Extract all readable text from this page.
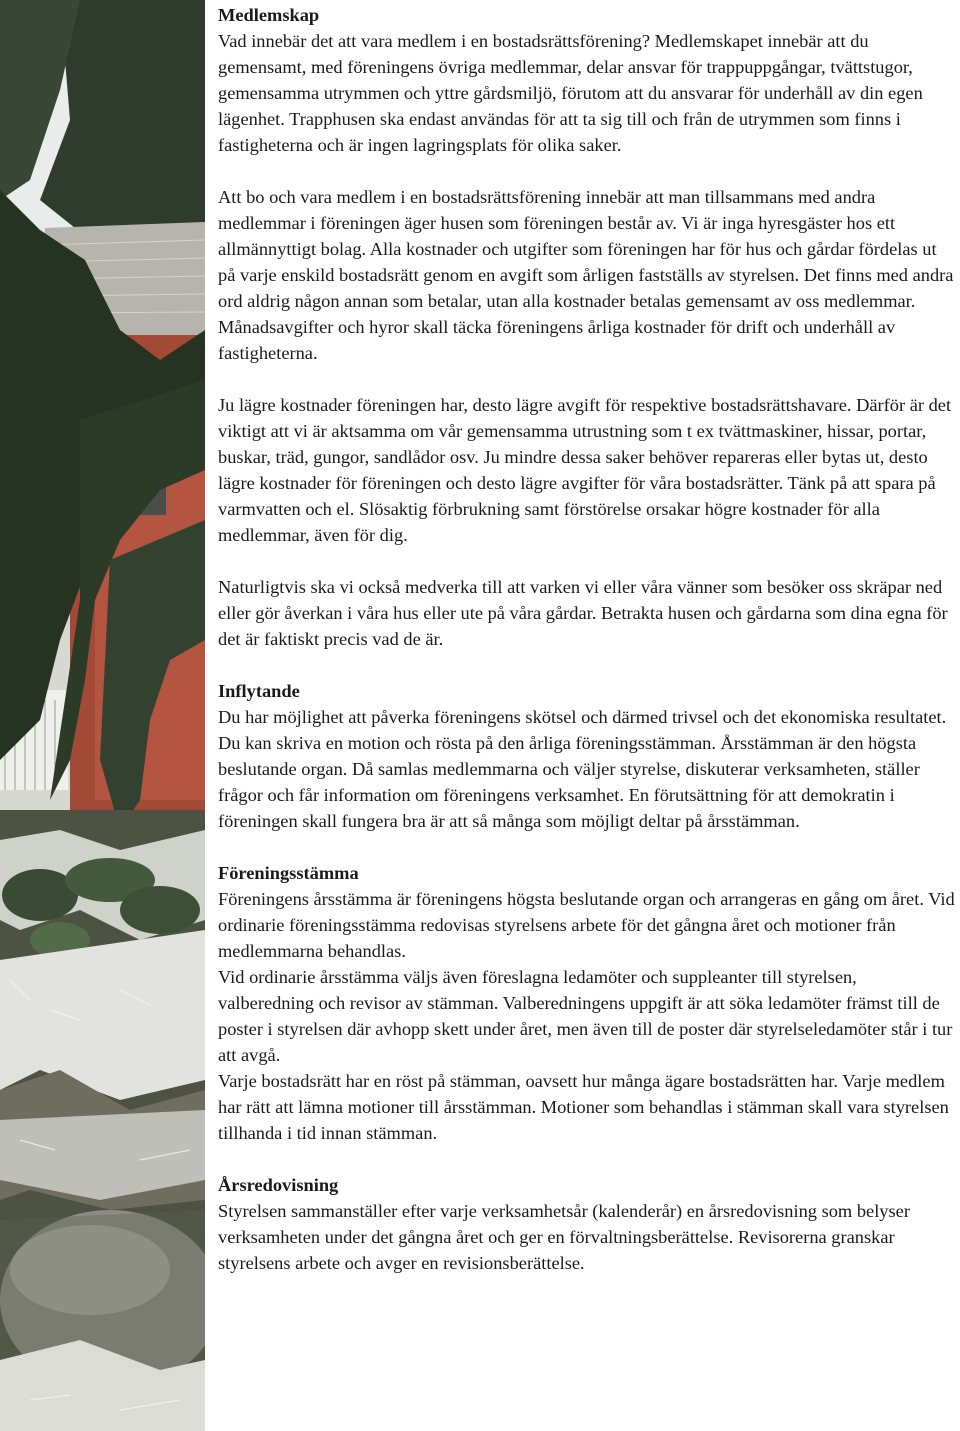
Medlemskap

Vad innebär det att vara medlem i en bostadsrättsförening? Medlemskapet innebär att du gemensamt, med föreningens övriga medlemmar, delar ansvar för trappuppgångar, tvättstugor, gemensamma utrymmen och yttre gårdsmiljö, förutom att du ansvarar för underhåll av din egen lägenhet. Trapphusen ska endast användas för att ta sig till och från de utrymmen som finns i fastigheterna och är ingen lagringsplats för olika saker.

Att bo och vara medlem i en bostadsrättsförening innebär att man tillsammans med andra medlemmar i föreningen äger husen som föreningen består av. Vi är inga hyresgäster hos ett allmännyttigt bolag. Alla kostnader och utgifter som föreningen har för hus och gårdar fördelas ut på varje enskild bostadsrätt genom en avgift som årligen fastställs av styrelsen. Det finns med andra ord aldrig någon annan som betalar, utan alla kostnader betalas gemensamt av oss medlemmar. Månadsavgifter och hyror skall täcka föreningens årliga kostnader för drift och underhåll av fastigheterna.

Ju lägre kostnader föreningen har, desto lägre avgift för respektive bostadsrättshavare. Därför är det viktigt att vi är aktsamma om vår gemensamma utrustning som t ex tvättmaskiner, hissar, portar, buskar, träd, gungor, sandlådor osv. Ju mindre dessa saker behöver repareras eller bytas ut, desto lägre kostnader för föreningen och desto lägre avgifter för våra bostadsrätter. Tänk på att spara på varmvatten och el. Slösaktig förbrukning samt förstörelse orsakar högre kostnader för alla medlemmar, även för dig.

Naturligtvis ska vi också medverka till att varken vi eller våra vänner som besöker oss skräpar ned eller gör åverkan i våra hus eller ute på våra gårdar. Betrakta husen och gårdarna som dina egna för det är faktiskt precis vad de är.

Inflytande

Du har möjlighet att påverka föreningens skötsel och därmed trivsel och det ekonomiska resultatet. Du kan skriva en motion och rösta på den årliga föreningsstämman. Årsstämman är den högsta beslutande organ. Då samlas medlemmarna och väljer styrelse, diskuterar verksamheten, ställer frågor och får information om föreningens verksamhet. En förutsättning för att demokratin i föreningen skall fungera bra är att så många som möjligt deltar på årsstämman.

Föreningsstämma

Föreningens årsstämma är föreningens högsta beslutande organ och arrangeras en gång om året. Vid ordinarie föreningsstämma redovisas styrelsens arbete för det gångna året och motioner från medlemmarna behandlas.

Vid ordinarie årsstämma väljs även föreslagna ledamöter och suppleanter till styrelsen, valberedning och revisor av stämman. Valberedningens uppgift är att söka ledamöter främst till de poster i styrelsen där avhopp skett under året, men även till de poster där styrelseledamöter står i tur att avgå.

Varje bostadsrätt har en röst på stämman, oavsett hur många ägare bostadsrätten har. Varje medlem har rätt att lämna motioner till årsstämman. Motioner som behandlas i stämman skall vara styrelsen tillhanda i tid innan stämman.

Årsredovisning

Styrelsen sammanställer efter varje verksamhetsår (kalenderår) en årsredovisning som belyser verksamheten under det gångna året och ger en förvaltningsberättelse. Revisorerna granskar styrelsens arbete och avger en revisionsberättelse.
